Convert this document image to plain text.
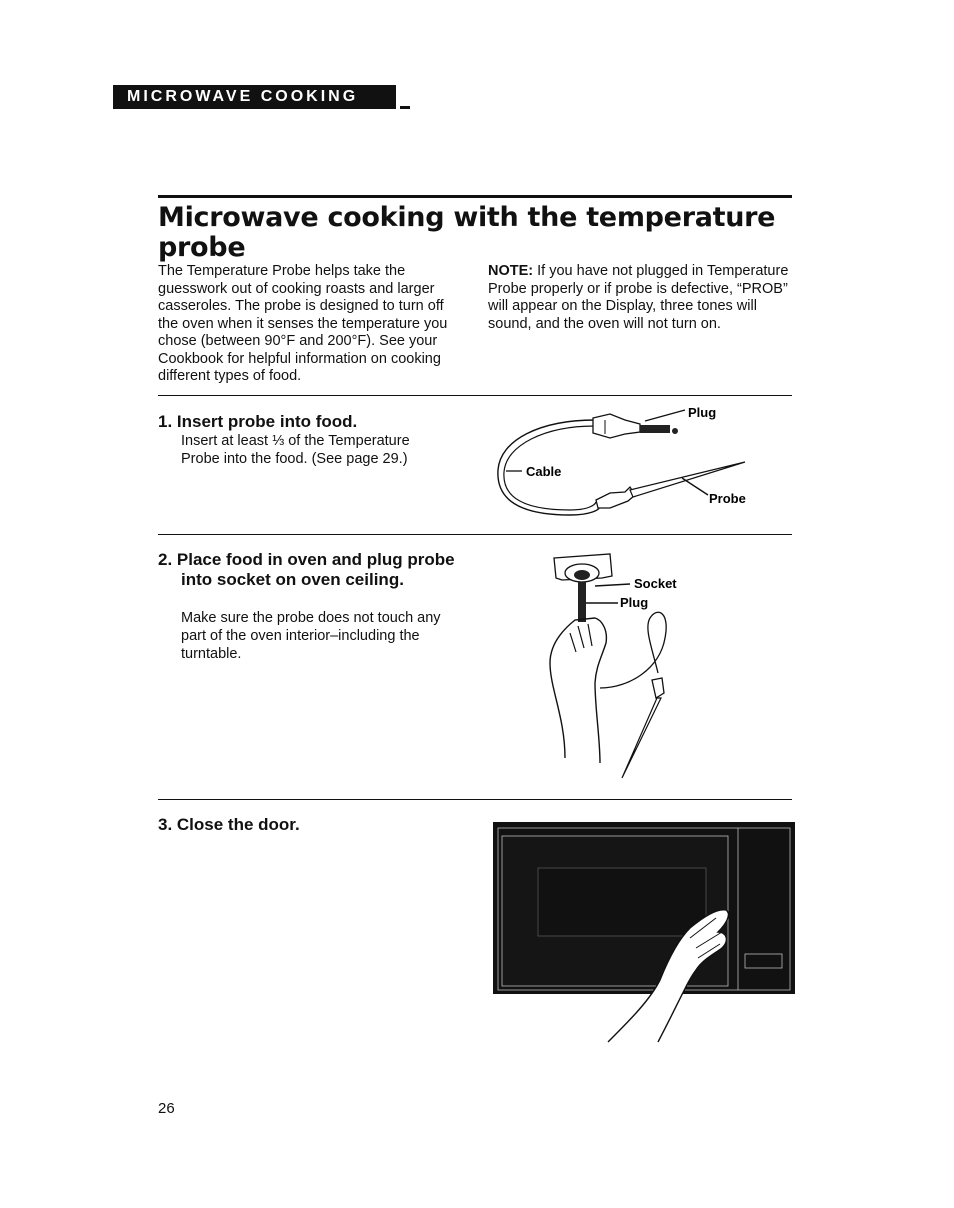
MICROWAVE COOKING
Microwave cooking with the temperature probe

The Temperature Probe helps take the guesswork out of cooking roasts and larger casseroles. The probe is designed to turn off the oven when it senses the temperature you chose (between 90°F and 200°F). See your Cookbook for helpful information on cooking different types of food.

NOTE: If you have not plugged in Temperature Probe properly or if probe is defective, “PROB” will appear on the Display, three tones will sound, and the oven will not turn on.

1. Insert probe into food.
Insert at least ⅓ of the Temperature Probe into the food. (See page 29.)
Plug
Cable
Probe
2. Place food in oven and plug probe into socket on oven ceiling.
Make sure the probe does not touch any part of the oven interior–including the turntable.
Socket
Plug
3. Close the door.
26
